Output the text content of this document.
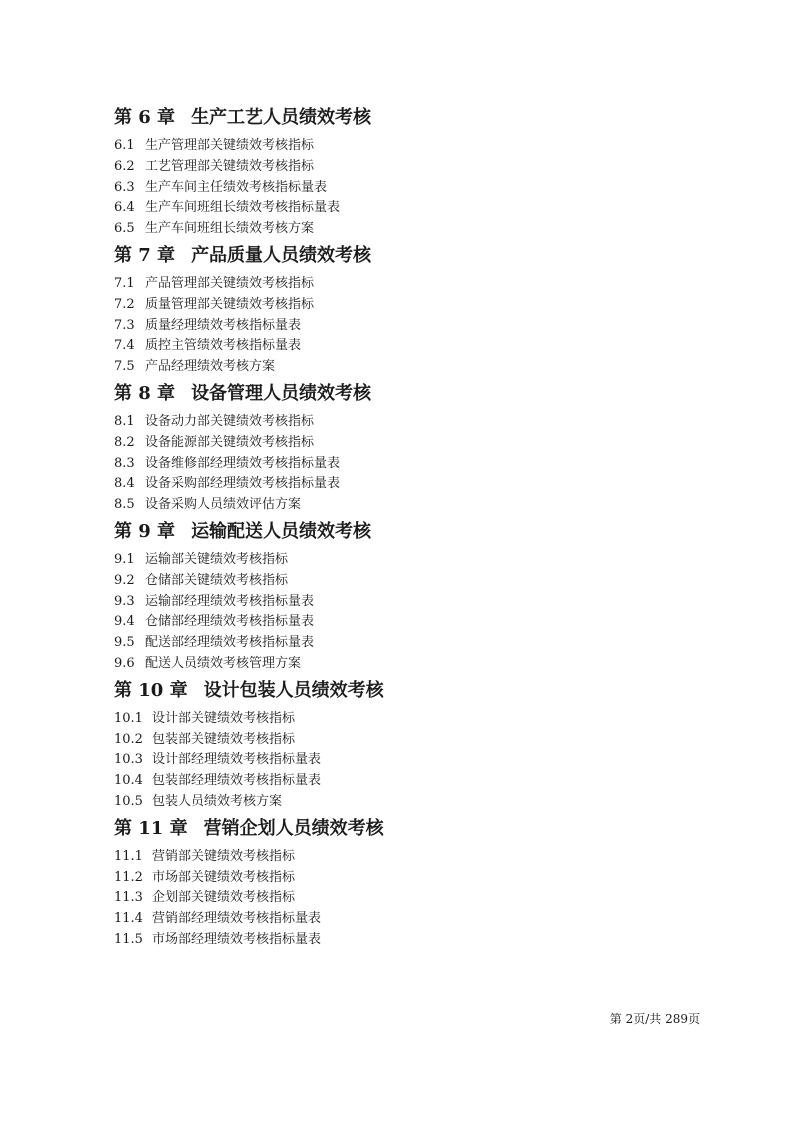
第 6 章 生产工艺人员绩效考核
6.1 生产管理部关键绩效考核指标
6.2 工艺管理部关键绩效考核指标
6.3 生产车间主任绩效考核指标量表
6.4 生产车间班组长绩效考核指标量表
6.5 生产车间班组长绩效考核方案
第 7 章 产品质量人员绩效考核
7.1 产品管理部关键绩效考核指标
7.2 质量管理部关键绩效考核指标
7.3 质量经理绩效考核指标量表
7.4 质控主管绩效考核指标量表
7.5 产品经理绩效考核方案
第 8 章 设备管理人员绩效考核
8.1 设备动力部关键绩效考核指标
8.2 设备能源部关键绩效考核指标
8.3 设备维修部经理绩效考核指标量表
8.4 设备采购部经理绩效考核指标量表
8.5 设备采购人员绩效评估方案
第 9 章 运输配送人员绩效考核
9.1 运输部关键绩效考核指标
9.2 仓储部关键绩效考核指标
9.3 运输部经理绩效考核指标量表
9.4 仓储部经理绩效考核指标量表
9.5 配送部经理绩效考核指标量表
9.6 配送人员绩效考核管理方案
第 10 章 设计包装人员绩效考核
10.1 设计部关键绩效考核指标
10.2 包装部关键绩效考核指标
10.3 设计部经理绩效考核指标量表
10.4 包装部经理绩效考核指标量表
10.5 包装人员绩效考核方案
第 11 章 营销企划人员绩效考核
11.1 营销部关键绩效考核指标
11.2 市场部关键绩效考核指标
11.3 企划部关键绩效考核指标
11.4 营销部经理绩效考核指标量表
11.5 市场部经理绩效考核指标量表
第 2页/共 289页
